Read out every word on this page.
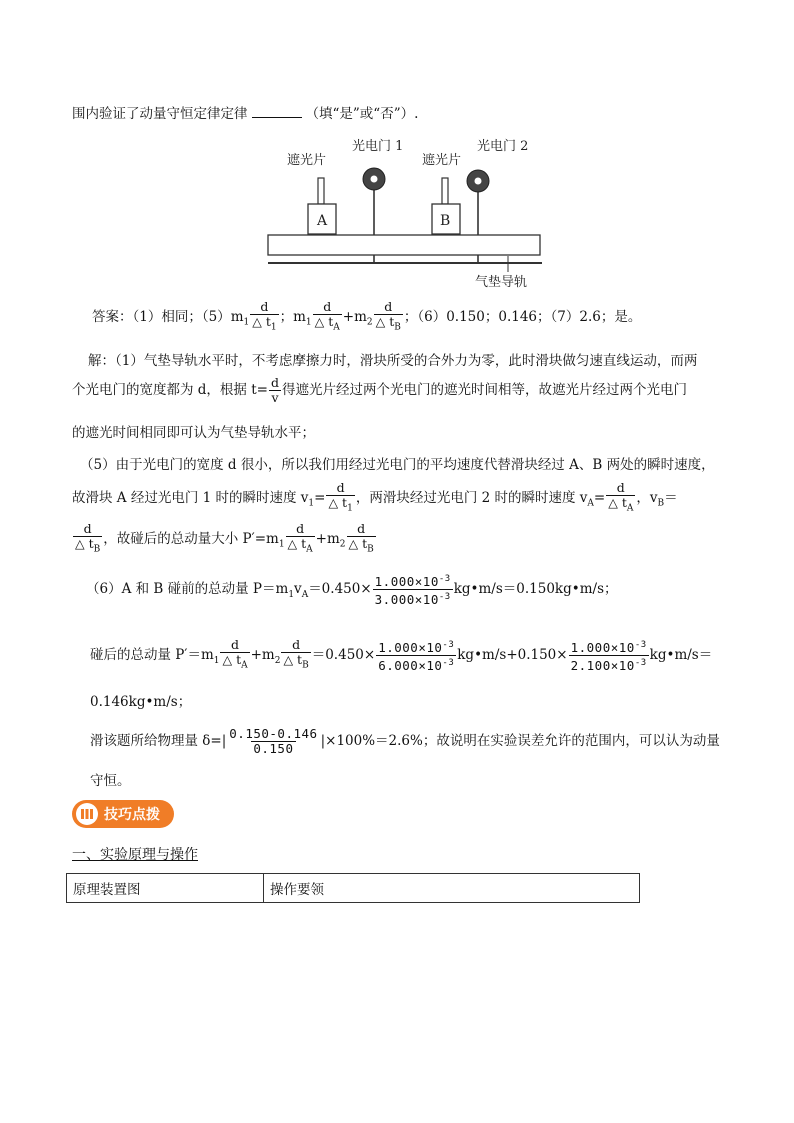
围内验证了动量守恒定律定律	（填“是”或“否”）.
遮光片
光电门 1
遮光片
光电门 2
A	B
气垫导轨
答案：（1）相同；$(5)m_1 \frac{d}{\triangle t_1}$ ；$m_1 \frac{d}{\triangle t_A} +m_2 \frac{d}{\triangle t_B}$ ；（6）0.150；0.146；（7）2.6；是。
解：（1）气垫导轨水平时，不考虑摩擦力时，滑块所受的合外力为零，此时滑块做匀速直线运动，而两
个光电门的宽度都为 d，根据 $t= \frac{d}{v}$ 得遮光片经过两个光电门的遮光时间相等，故遮光片经过两个光电门
的遮光时间相同即可认为气垫导轨水平；
（5）由于光电门的宽度 d 很小，所以我们用经过光电门的平均速度代替滑块经过 A、B 两处的瞬时速度，
故滑块 A 经过光电门 1 时的瞬时速度 $v_1= \frac{d}{\triangle t_1}$ ，两滑块经过光电门 2 时的瞬时速度 $v_A= \frac{d}{\triangle t_A}$ ，$v_B=$
$\frac{d}{\triangle t_B}$ ，故碰后的总动量大小 $P'=m_1 \frac{d}{\triangle t_A} +m_2 \frac{d}{\triangle t_B}$
（6）A 和 B 碰前的总动量 $P=m_1v_A=0.450\times \frac{1.000\times 10^{-3}}{3.000\times 10^{-3}}$ kg•m/s＝0.150kg•m/s；
碰后的总动量 $P'=m_1 \frac{d}{\triangle t_A} +m_2 \frac{d}{\triangle t_B} =0.450\times \frac{1.000\times 10^{-3}}{6.000\times 10^{-3}}$ kg•m/s+0.150× $\frac{1.000\times 10^{-3}}{2.100\times 10^{-3}}$ kg•m/s＝
0.146kg•m/s；
滑该题所给物理量 $\delta=| \frac{0.150-0.146}{0.150} |\times 100\%=2.6\%$；故说明在实验误差允许的范围内，可以认为动量
守恒。
技巧点拨
一、实验原理与操作
原理装置图	操作要领
